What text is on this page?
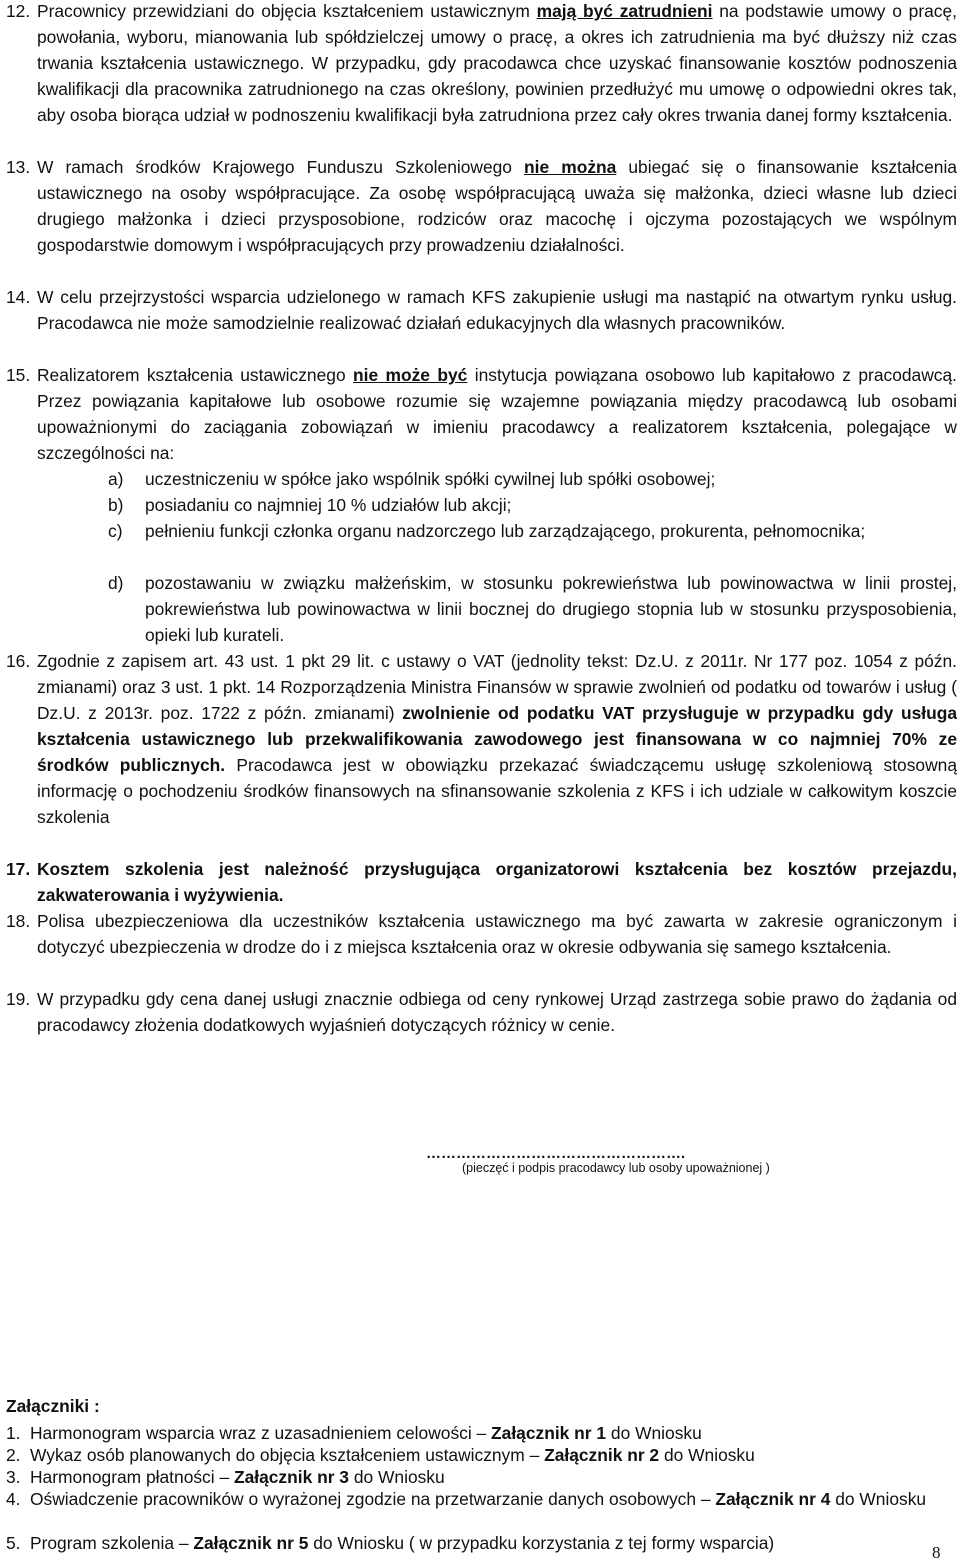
12. Pracownicy przewidziani do objęcia kształceniem ustawicznym mają być zatrudnieni na podstawie umowy o pracę, powołania, wyboru, mianowania lub spółdzielczej umowy o pracę, a okres ich zatrudnienia ma być dłuższy niż czas trwania kształcenia ustawicznego. W przypadku, gdy pracodawca chce uzyskać finansowanie kosztów podnoszenia kwalifikacji dla pracownika zatrudnionego na czas określony, powinien przedłużyć mu umowę o odpowiedni okres tak, aby osoba biorąca udział w podnoszeniu kwalifikacji była zatrudniona przez cały okres trwania danej formy kształcenia.
13. W ramach środków Krajowego Funduszu Szkoleniowego nie można ubiegać się o finansowanie kształcenia ustawicznego na osoby współpracujące. Za osobę współpracującą uważa się małżonka, dzieci własne lub dzieci drugiego małżonka i dzieci przysposobione, rodziców oraz macochę i ojczyma pozostających we wspólnym gospodarstwie domowym i współpracujących przy prowadzeniu działalności.
14. W celu przejrzystości wsparcia udzielonego w ramach KFS zakupienie usługi ma nastąpić na otwartym rynku usług. Pracodawca nie może samodzielnie realizować działań edukacyjnych dla własnych pracowników.
15. Realizatorem kształcenia ustawicznego nie może być instytucja powiązana osobowo lub kapitałowo z pracodawcą. Przez powiązania kapitałowe lub osobowe rozumie się wzajemne powiązania między pracodawcą lub osobami upoważnionymi do zaciągania zobowiązań w imieniu pracodawcy a realizatorem kształcenia, polegające w szczególności na:
a) uczestniczeniu w spółce jako wspólnik spółki cywilnej lub spółki osobowej;
b) posiadaniu co najmniej 10 % udziałów lub akcji;
c) pełnieniu funkcji członka organu nadzorczego lub zarządzającego, prokurenta, pełnomocnika;
d) pozostawaniu w związku małżeńskim, w stosunku pokrewieństwa lub powinowactwa w linii prostej, pokrewieństwa lub powinowactwa w linii bocznej do drugiego stopnia lub w stosunku przysposobienia, opieki lub kurateli.
16. Zgodnie z zapisem art. 43 ust. 1 pkt 29 lit. c ustawy o VAT (jednolity tekst: Dz.U. z 2011r. Nr 177 poz. 1054 z późn. zmianami) oraz 3 ust. 1 pkt. 14 Rozporządzenia Ministra Finansów w sprawie zwolnień od podatku od towarów i usług ( Dz.U. z 2013r. poz. 1722 z późn. zmianami) zwolnienie od podatku VAT przysługuje w przypadku gdy usługa kształcenia ustawicznego lub przekwalifikowania zawodowego jest finansowana w co najmniej 70% ze środków publicznych. Pracodawca jest w obowiązku przekazać świadczącemu usługę szkoleniową stosowną informację o pochodzeniu środków finansowych na sfinansowanie szkolenia z KFS i ich udziale w całkowitym koszcie szkolenia
17. Kosztem szkolenia jest należność przysługująca organizatorowi kształcenia bez kosztów przejazdu, zakwaterowania i wyżywienia.
18. Polisa ubezpieczeniowa dla uczestników kształcenia ustawicznego ma być zawarta w zakresie ograniczonym i dotyczyć ubezpieczenia w drodze do i z miejsca kształcenia oraz w okresie odbywania się samego kształcenia.
19. W przypadku gdy cena danej usługi znacznie odbiega od ceny rynkowej Urząd zastrzega sobie prawo do żądania od pracodawcy złożenia dodatkowych wyjaśnień dotyczących różnicy w cenie.
…………………………………………….
(pieczęć i podpis pracodawcy lub osoby upoważnionej )
Załączniki :
1. Harmonogram wsparcia wraz z uzasadnieniem celowości – Załącznik nr 1 do Wniosku
2. Wykaz osób planowanych do objęcia kształceniem ustawicznym – Załącznik nr 2 do Wniosku
3. Harmonogram płatności – Załącznik nr 3 do Wniosku
4. Oświadczenie pracowników o wyrażonej zgodzie na przetwarzanie danych osobowych – Załącznik nr 4 do Wniosku
5. Program szkolenia – Załącznik nr 5 do Wniosku ( w przypadku korzystania z tej formy wsparcia)	8
